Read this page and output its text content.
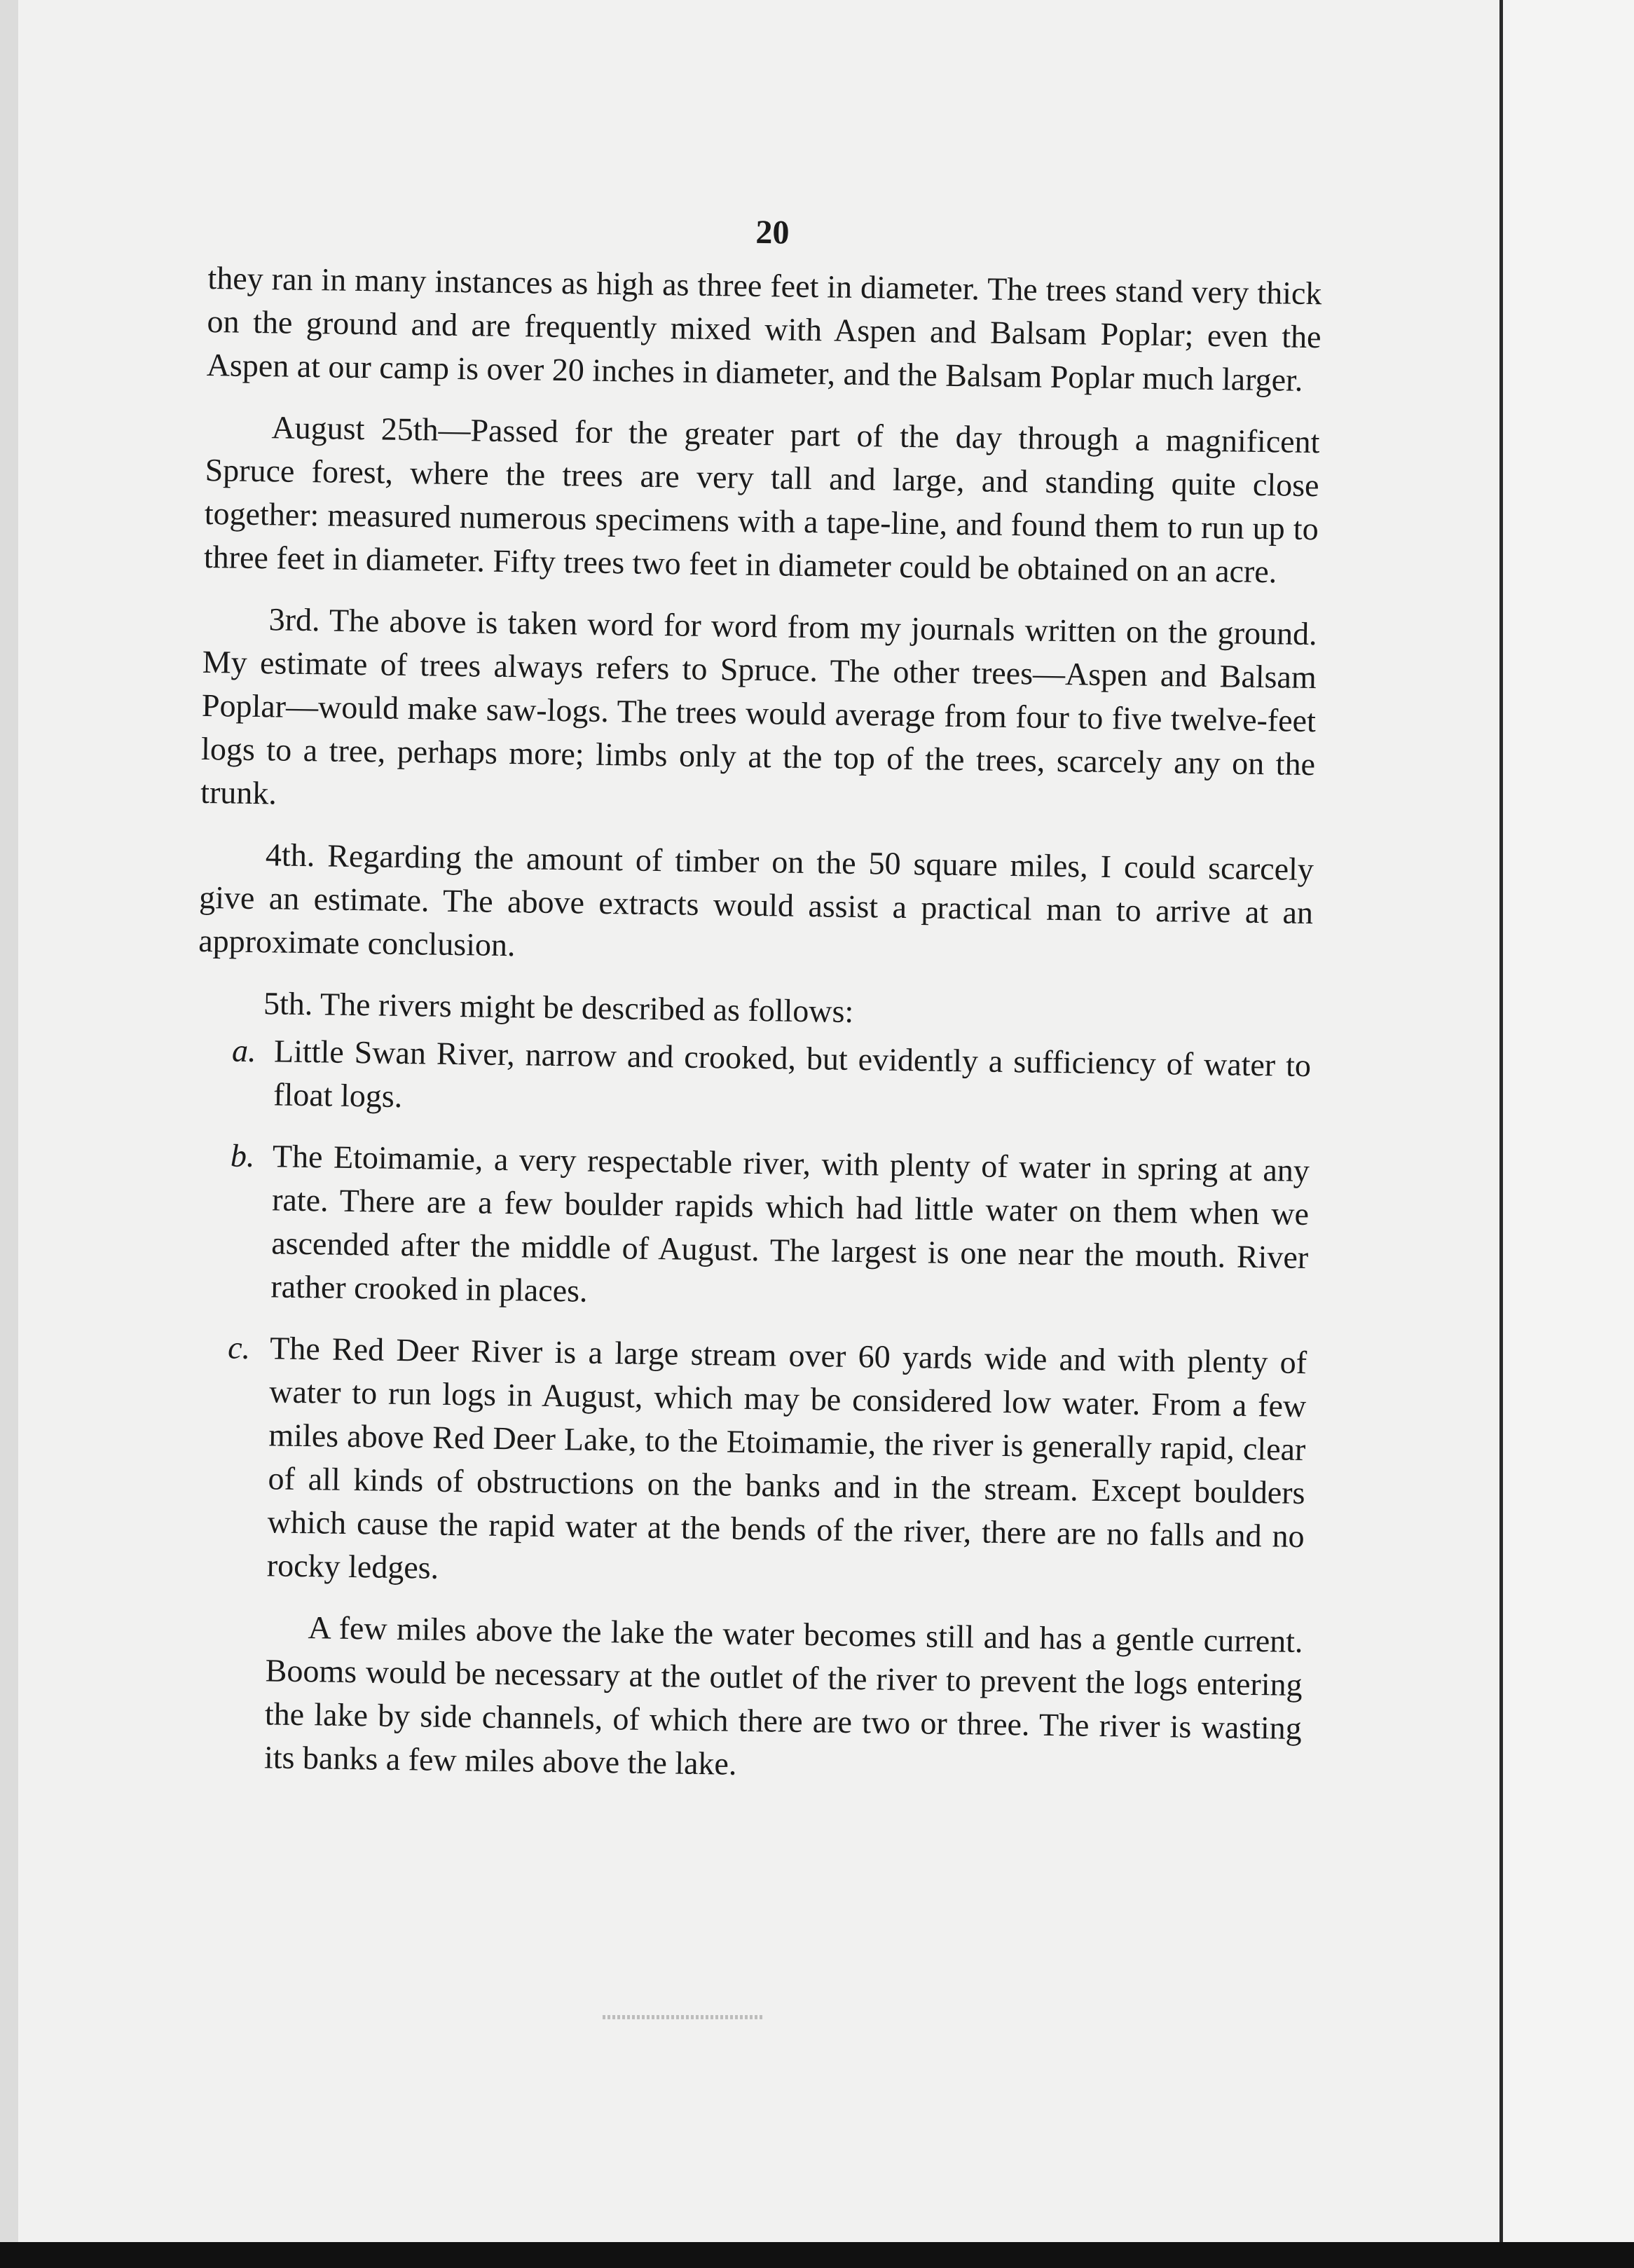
20

they ran in many instances as high as three feet in diameter. The trees stand very thick on the ground and are frequently mixed with Aspen and Balsam Poplar; even the Aspen at our camp is over 20 inches in diameter, and the Balsam Poplar much larger.

August 25th—Passed for the greater part of the day through a magnificent Spruce forest, where the trees are very tall and large, and standing quite close together: measured numerous specimens with a tape-line, and found them to run up to three feet in diameter. Fifty trees two feet in diameter could be obtained on an acre.

3rd. The above is taken word for word from my journals written on the ground. My estimate of trees always refers to Spruce. The other trees—Aspen and Balsam Poplar—would make saw-logs. The trees would average from four to five twelve-feet logs to a tree, perhaps more; limbs only at the top of the trees, scarcely any on the trunk.

4th. Regarding the amount of timber on the 50 square miles, I could scarcely give an estimate. The above extracts would assist a practical man to arrive at an approximate conclusion.

5th. The rivers might be described as follows:

a. Little Swan River, narrow and crooked, but evidently a sufficiency of water to float logs.

b. The Etoimamie, a very respectable river, with plenty of water in spring at any rate. There are a few boulder rapids which had little water on them when we ascended after the middle of August. The largest is one near the mouth. River rather crooked in places.

c. The Red Deer River is a large stream over 60 yards wide and with plenty of water to run logs in August, which may be considered low water. From a few miles above Red Deer Lake, to the Etoimamie, the river is generally rapid, clear of all kinds of obstructions on the banks and in the stream. Except boulders which cause the rapid water at the bends of the river, there are no falls and no rocky ledges.

A few miles above the lake the water becomes still and has a gentle current. Booms would be necessary at the outlet of the river to prevent the logs entering the lake by side channels, of which there are two or three. The river is wasting its banks a few miles above the lake.
